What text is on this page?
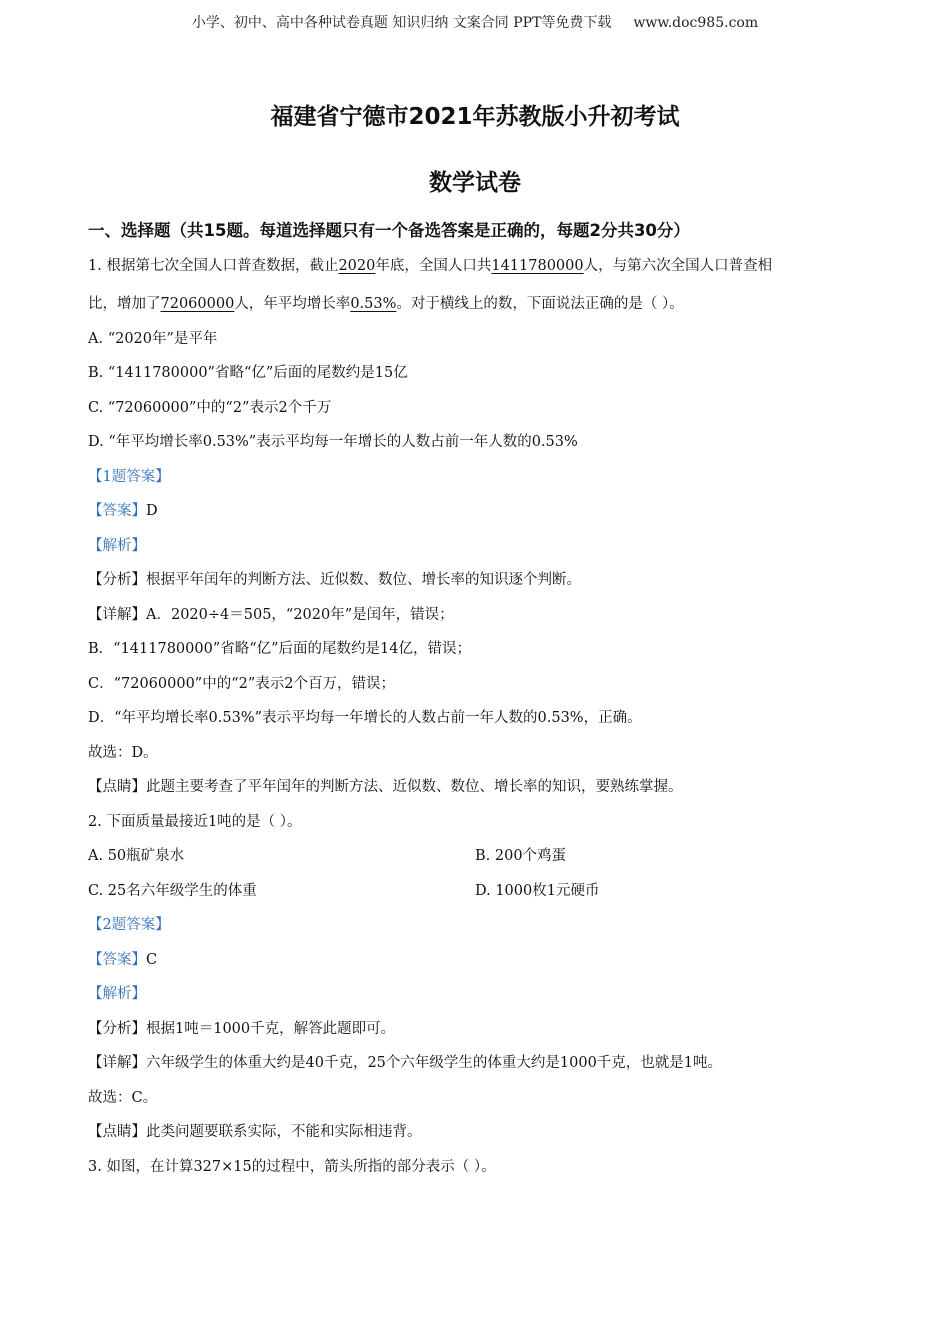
小学、初中、高中各种试卷真题 知识归纳 文案合同 PPT等免费下载 www.doc985.com
福建省宁德市2021年苏教版小升初考试
数学试卷
一、选择题（共15题。每道选择题只有一个备选答案是正确的，每题2分共30分）
1. 根据第七次全国人口普查数据，截止2020年底，全国人口共1411780000人，与第六次全国人口普查相
比，增加了72060000人，年平均增长率0.53%。对于横线上的数，下面说法正确的是（ ）。
A. “2020年”是平年
B. “1411780000”省略“亿”后面的尾数约是15亿
C. “72060000”中的“2”表示2个千万
D. “年平均增长率0.53%”表示平均每一年增长的人数占前一年人数的0.53%
【1题答案】
【答案】D
【解析】
【分析】根据平年闰年的判断方法、近似数、数位、增长率的知识逐个判断。
【详解】A．2020÷4＝505，“2020年”是闰年，错误；
B．“1411780000”省略“亿”后面的尾数约是14亿，错误；
C．“72060000”中的“2”表示2个百万，错误；
D．“年平均增长率0.53%”表示平均每一年增长的人数占前一年人数的0.53%，正确。
故选：D。
【点睛】此题主要考查了平年闰年的判断方法、近似数、数位、增长率的知识，要熟练掌握。
2. 下面质量最接近1吨的是（ ）。
A. 50瓶矿泉水	B. 200个鸡蛋
C. 25名六年级学生的体重	D. 1000枚1元硬币
【2题答案】
【答案】C
【解析】
【分析】根据1吨＝1000千克，解答此题即可。
【详解】六年级学生的体重大约是40千克，25个六年级学生的体重大约是1000千克，也就是1吨。
故选：C。
【点睛】此类问题要联系实际，不能和实际相违背。
3. 如图，在计算327×15的过程中，箭头所指的部分表示（ ）。
